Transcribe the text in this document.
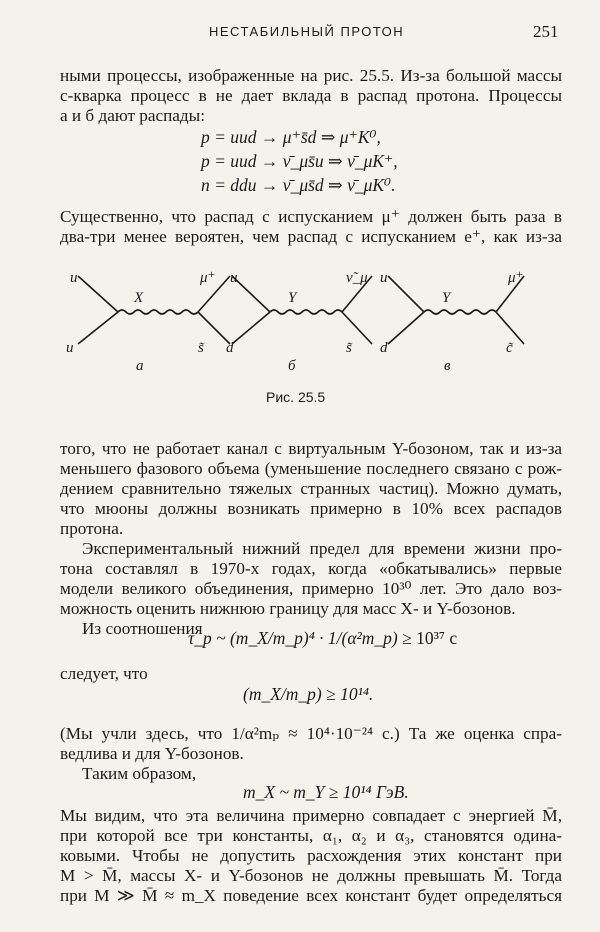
НЕСТАБИЛЬНЫЙ ПРОТОН	251
ными процессы, изображенные на рис. 25.5. Из-за большой массы
c-кварка процесс в не дает вклада в распад протона. Процессы
а и б дают распады:
p = uud → μ⁺s̄d ⇒ μ⁺K⁰,
p = uud → ν̄_μs̄u ⇒ ν̄_μK⁺,
n = ddu → ν̄_μs̄d ⇒ ν̄_μK⁰.
Существенно, что распад с испусканием μ⁺ должен быть раза в
два-три менее вероятен, чем распад с испусканием e⁺, как из-за
u
u
X
μ⁺
s̃
а
u
d
Y
ν̃_μ
s̃
б
u
d
Y
μ⁺
c̃
в
Рис. 25.5
того, что не работает канал с виртуальным Y-бозоном, так и из-за
меньшего фазового объема (уменьшение последнего связано с рож-
дением сравнительно тяжелых странных частиц). Можно думать,
что мюоны должны возникать примерно в 10% всех распадов
протона.
Экспериментальный нижний предел для времени жизни про-
тона составлял в 1970-х годах, когда «обкатывались» первые
модели великого объединения, примерно 10³⁰ лет. Это дало воз-
можность оценить нижнюю границу для масс X- и Y-бозонов.
Из соотношения
τ_p ~ (m_X/m_p)⁴ · 1/(α²m_p) ≥ 10³⁷ с
следует, что
(m_X/m_p) ≥ 10¹⁴.
(Мы учли здесь, что 1/α²mₚ ≈ 10⁴·10⁻²⁴ с.) Та же оценка спра-
ведлива и для Y-бозонов.
Таким образом,
m_X ~ m_Y ≥ 10¹⁴ ГэВ.
Мы видим, что эта величина примерно совпадает с энергией M̄,
при которой все три константы, α₁, α₂ и α₃, становятся одина-
ковыми. Чтобы не допустить расхождения этих констант при
M > M̄, массы X- и Y-бозонов не должны превышать M̄. Тогда
при M ≫ M̄ ≈ m_X поведение всех констант будет определяться
